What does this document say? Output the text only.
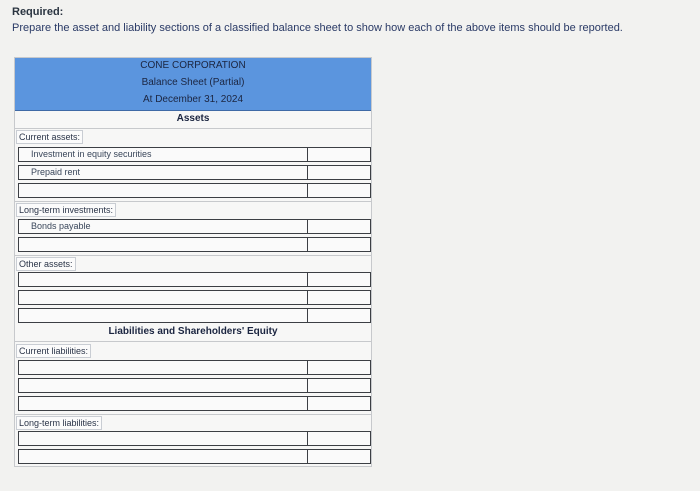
Required:
Prepare the asset and liability sections of a classified balance sheet to show how each of the above items should be reported.
CONE CORPORATION
Balance Sheet (Partial)
At December 31, 2024
Assets
Current assets:
Investment in equity securities
Prepaid rent
Long-term investments:
Bonds payable
Other assets:
Liabilities and Shareholders' Equity
Current liabilities:
Long-term liabilities:
